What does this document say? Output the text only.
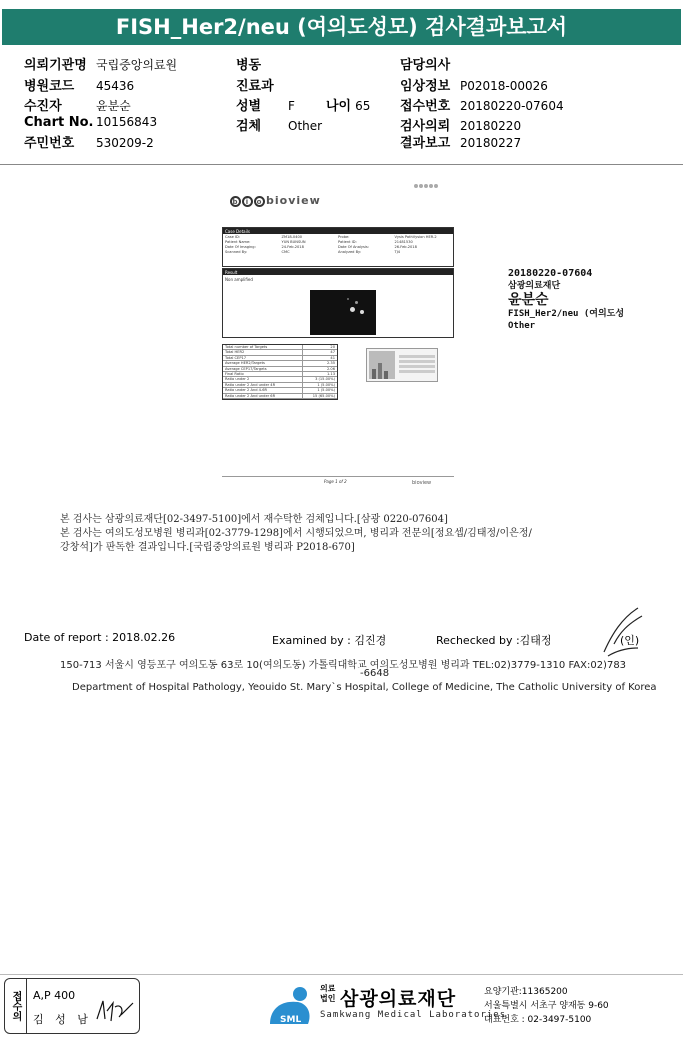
FISH_Her2/neu (여의도성모) 검사결과보고서
의뢰기관명 국립중앙의료원
병원코드 45436
수진자	윤분순
Chart No. 10156843
주민번호 530209-2
병동
진료과
성별 F 나이 65
검체 Other
담당의사
임상정보 P02018-00026
접수번호 20180220-07604
검사의뢰 20180220
결과보고 20180227
b i o bioview
Case Details
Case ID:	ZM18-0400	Probe:	Vysis PathVysion HER-2
Patient Name:	YUN BUNSUN	Patient ID:	21481530
Date Of Imaging:	24.Feb.2018	Date Of Analysis:	26.Feb.2018
Scanned By:	CMC	Analyzed By:	TJ4
Result
Non amplified
Total number of Targets	20
Total HER2	47
Total CEP17	41
Average HER2/Targets	2.35
Average CEP17/Targets	2.06
Final Ratio	1.13
Ratio under 2	3 (15.00%)
Ratio under 2 And under 4R	1 (5.00%)
Ratio under 2 And 4-6R	1 (5.00%)
Ratio under 2 And under 6R	15 (65.00%)
Page 1 of 2	bioview
20180220-07604
삼광의료재단
윤분순
FISH_Her2/neu (여의도성
Other
본 검사는 삼광의료재단[02-3497-5100]에서 재수탁한 검체입니다.[삼광 0220-07604]
본 검사는 여의도성모병원 병리과[02-3779-1298]에서 시행되었으며, 병리과 전문의[정요셉/김태정/이은정/
강창석]가 판독한 결과입니다.[국립중앙의료원 병리과 P2018-670]
Date of report : 2018.02.26	Examined by : 김진경	Rechecked by :김태정	(인)
150-713 서울시 영등포구 여의도동 63로 10(여의도동) 가톨릭대학교 여의도성모병원 병리과 TEL:02)3779-1310 FAX:02)783
-6648
Department of Hospital Pathology, Yeouido St. Mary`s Hospital, College of Medicine, The Catholic University of Korea
접수의	A,P 400
김 성 남	SML
의료법인 삼광의료재단
Samkwang Medical Laboratories
요양기관:11365200
서울특별시 서초구 양재동 9-60
대표번호 : 02-3497-5100
